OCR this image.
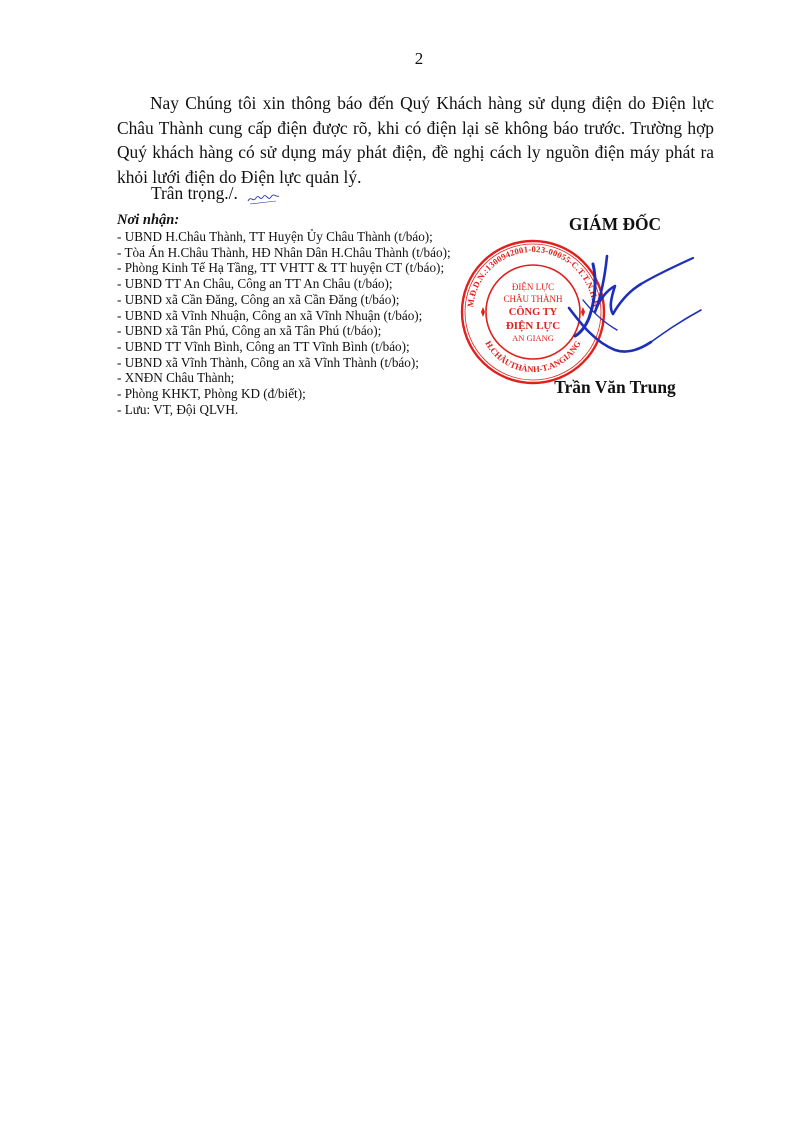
2

Nay Chúng tôi xin thông báo đến Quý Khách hàng sử dụng điện do Điện lực Châu Thành cung cấp điện được rõ, khi có điện lại sẽ không báo trước. Trường hợp Quý khách hàng có sử dụng máy phát điện, đề nghị cách ly nguồn điện máy phát ra khỏi lưới điện do Điện lực quản lý.

Trân trọng./.
Nơi nhận:
- UBND H.Châu Thành, TT Huyện Ủy Châu Thành (t/báo);
- Tòa Án H.Châu Thành, HĐ Nhân Dân H.Châu Thành (t/báo);
- Phòng Kinh Tế Hạ Tầng, TT VHTT & TT huyện CT (t/báo);
- UBND TT An Châu, Công an TT An Châu (t/báo);
- UBND xã Cần Đăng, Công an xã Cần Đăng (t/báo);
- UBND xã Vĩnh Nhuận, Công an xã Vĩnh Nhuận (t/báo);
- UBND xã Tân Phú, Công an xã Tân Phú (t/báo);
- UBND TT Vĩnh Bình, Công an TT Vĩnh Bình (t/báo);
- UBND xã Vĩnh Thành, Công an xã Vĩnh Thành (t/báo);
- XNĐN Châu Thành;
- Phòng KHKT, Phòng KD (đ/biết);
- Lưu: VT, Đội QLVH.
GIÁM ĐỐC
M.Đ.D.N.:1300942001-023-00055-C.T.T.N.H.H
H.CHÂUTHÀNH-T.ANGIANG
ĐIỆN LỰC
CHÂU THÀNH
CÔNG TY
ĐIỆN LỰC
AN GIANG
Trần Văn Trung
